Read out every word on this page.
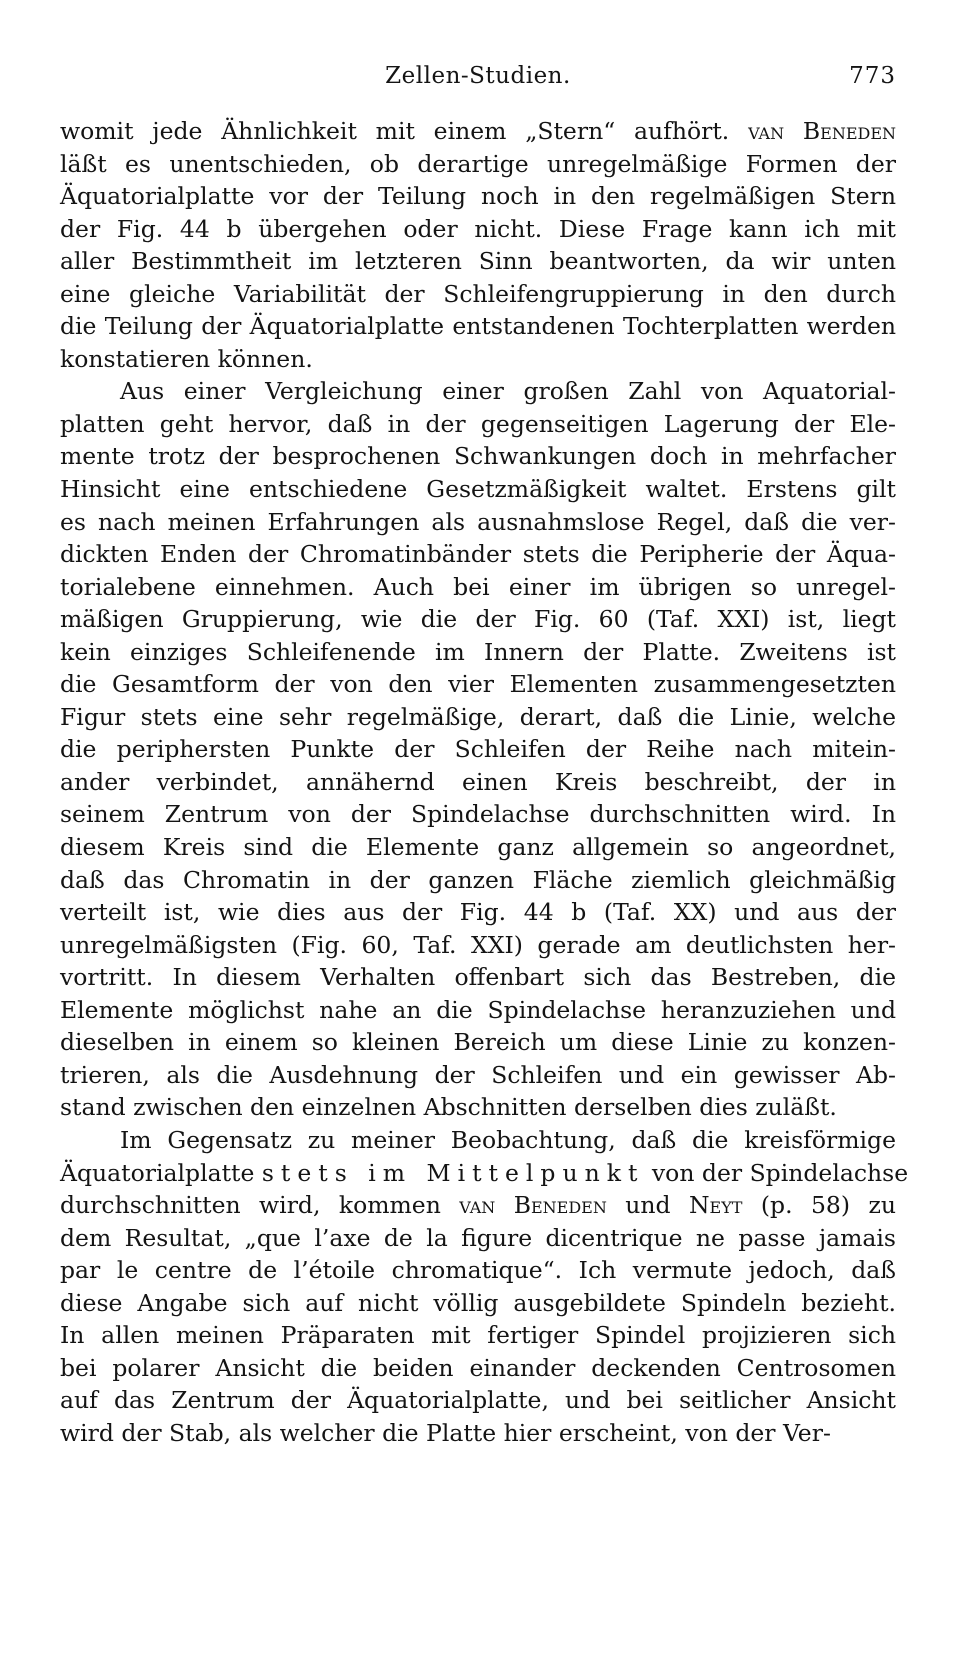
Zellen-Studien.	773
womit jede Ähnlichkeit mit einem „Stern“ aufhört. van Beneden
läßt es unentschieden, ob derartige unregelmäßige Formen der
Äquatorialplatte vor der Teilung noch in den regelmäßigen Stern
der Fig. 44 b übergehen oder nicht. Diese Frage kann ich mit
aller Bestimmtheit im letzteren Sinn beantworten, da wir unten
eine gleiche Variabilität der Schleifengruppierung in den durch
die Teilung der Äquatorialplatte entstandenen Tochterplatten werden
konstatieren können.
Aus einer Vergleichung einer großen Zahl von Aquatorial-
platten geht hervor, daß in der gegenseitigen Lagerung der Ele-
mente trotz der besprochenen Schwankungen doch in mehrfacher
Hinsicht eine entschiedene Gesetzmäßigkeit waltet. Erstens gilt
es nach meinen Erfahrungen als ausnahmslose Regel, daß die ver-
dickten Enden der Chromatinbänder stets die Peripherie der Äqua-
torialebene einnehmen. Auch bei einer im übrigen so unregel-
mäßigen Gruppierung, wie die der Fig. 60 (Taf. XXI) ist, liegt
kein einziges Schleifenende im Innern der Platte. Zweitens ist
die Gesamtform der von den vier Elementen zusammengesetzten
Figur stets eine sehr regelmäßige, derart, daß die Linie, welche
die periphersten Punkte der Schleifen der Reihe nach mitein-
ander verbindet, annähernd einen Kreis beschreibt, der in
seinem Zentrum von der Spindelachse durchschnitten wird. In
diesem Kreis sind die Elemente ganz allgemein so angeordnet,
daß das Chromatin in der ganzen Fläche ziemlich gleichmäßig
verteilt ist, wie dies aus der Fig. 44 b (Taf. XX) und aus der
unregelmäßigsten (Fig. 60, Taf. XXI) gerade am deutlichsten her-
vortritt. In diesem Verhalten offenbart sich das Bestreben, die
Elemente möglichst nahe an die Spindelachse heranzuziehen und
dieselben in einem so kleinen Bereich um diese Linie zu konzen-
trieren, als die Ausdehnung der Schleifen und ein gewisser Ab-
stand zwischen den einzelnen Abschnitten derselben dies zuläßt.
Im Gegensatz zu meiner Beobachtung, daß die kreisförmige
Äquatorialplatte stets im Mittelpunkt von der Spindelachse
durchschnitten wird, kommen van Beneden und Neyt (p. 58) zu
dem Resultat, „que l’axe de la figure dicentrique ne passe jamais
par le centre de l’étoile chromatique“. Ich vermute jedoch, daß
diese Angabe sich auf nicht völlig ausgebildete Spindeln bezieht.
In allen meinen Präparaten mit fertiger Spindel projizieren sich
bei polarer Ansicht die beiden einander deckenden Centrosomen
auf das Zentrum der Äquatorialplatte, und bei seitlicher Ansicht
wird der Stab, als welcher die Platte hier erscheint, von der Ver-
